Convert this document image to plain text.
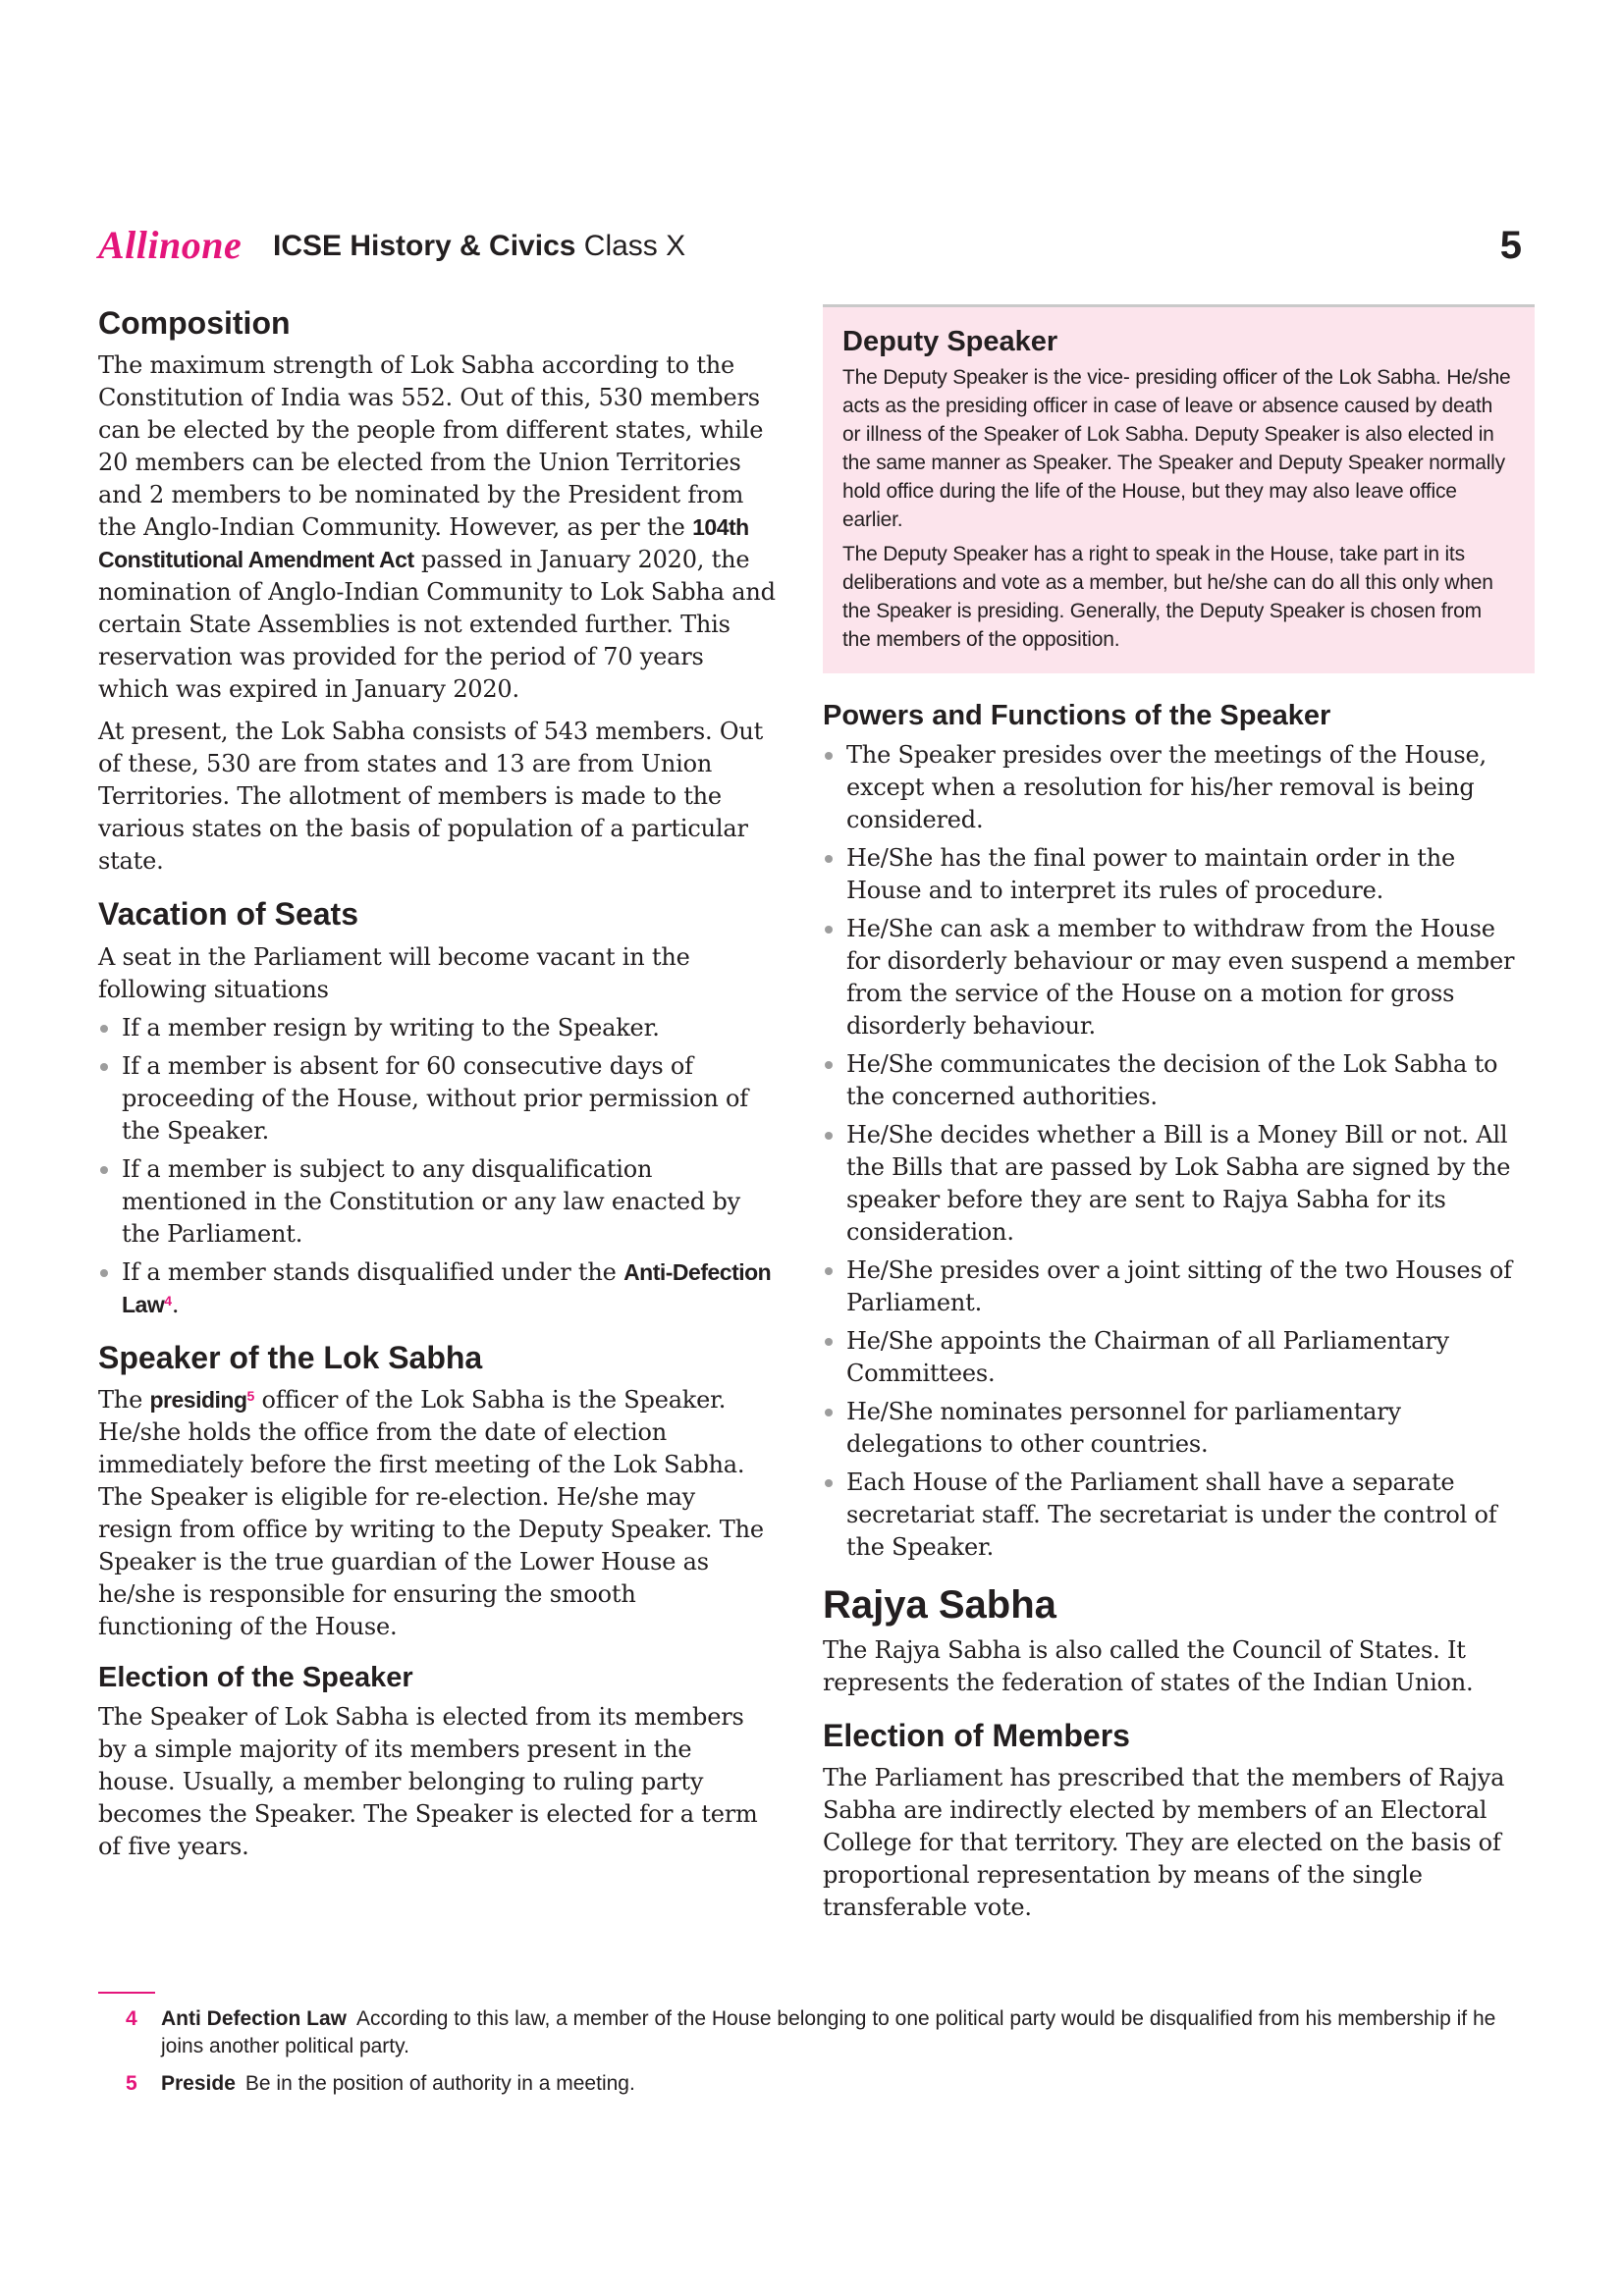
Allinone ICSE History & Civics Class X	5
Composition

The maximum strength of Lok Sabha according to the Constitution of India was 552. Out of this, 530 members can be elected by the people from different states, while 20 members can be elected from the Union Territories and 2 members to be nominated by the President from the Anglo-Indian Community. However, as per the 104th Constitutional Amendment Act passed in January 2020, the nomination of Anglo-Indian Community to Lok Sabha and certain State Assemblies is not extended further. This reservation was provided for the period of 70 years which was expired in January 2020.

At present, the Lok Sabha consists of 543 members. Out of these, 530 are from states and 13 are from Union Territories. The allotment of members is made to the various states on the basis of population of a particular state.

Vacation of Seats

A seat in the Parliament will become vacant in the following situations

If a member resign by writing to the Speaker.
If a member is absent for 60 consecutive days of proceeding of the House, without prior permission of the Speaker.
If a member is subject to any disqualification mentioned in the Constitution or any law enacted by the Parliament.
If a member stands disqualified under the Anti-Defection Law$^4$.
Speaker of the Lok Sabha

The presiding$^5$ officer of the Lok Sabha is the Speaker. He/she holds the office from the date of election immediately before the first meeting of the Lok Sabha. The Speaker is eligible for re-election. He/she may resign from office by writing to the Deputy Speaker. The Speaker is the true guardian of the Lower House as he/she is responsible for ensuring the smooth functioning of the House.

Election of the Speaker

The Speaker of Lok Sabha is elected from its members by a simple majority of its members present in the house. Usually, a member belonging to ruling party becomes the Speaker. The Speaker is elected for a term of five years.

Deputy Speaker

The Deputy Speaker is the vice- presiding officer of the Lok Sabha. He/she acts as the presiding officer in case of leave or absence caused by death or illness of the Speaker of Lok Sabha. Deputy Speaker is also elected in the same manner as Speaker. The Speaker and Deputy Speaker normally hold office during the life of the House, but they may also leave office earlier.

The Deputy Speaker has a right to speak in the House, take part in its deliberations and vote as a member, but he/she can do all this only when the Speaker is presiding. Generally, the Deputy Speaker is chosen from the members of the opposition.

Powers and Functions of the Speaker
The Speaker presides over the meetings of the House, except when a resolution for his/her removal is being considered.
He/She has the final power to maintain order in the House and to interpret its rules of procedure.
He/She can ask a member to withdraw from the House for disorderly behaviour or may even suspend a member from the service of the House on a motion for gross disorderly behaviour.
He/She communicates the decision of the Lok Sabha to the concerned authorities.
He/She decides whether a Bill is a Money Bill or not. All the Bills that are passed by Lok Sabha are signed by the speaker before they are sent to Rajya Sabha for its consideration.
He/She presides over a joint sitting of the two Houses of Parliament.
He/She appoints the Chairman of all Parliamentary Committees.
He/She nominates personnel for parliamentary delegations to other countries.
Each House of the Parliament shall have a separate secretariat staff. The secretariat is under the control of the Speaker.
Rajya Sabha

The Rajya Sabha is also called the Council of States. It represents the federation of states of the Indian Union.

Election of Members

The Parliament has prescribed that the members of Rajya Sabha are indirectly elected by members of an Electoral College for that territory. They are elected on the basis of proportional representation by means of the single transferable vote.

4 Anti Defection Law According to this law, a member of the House belonging to one political party would be disqualified from his membership if he joins another political party.
5 Preside Be in the position of authority in a meeting.
